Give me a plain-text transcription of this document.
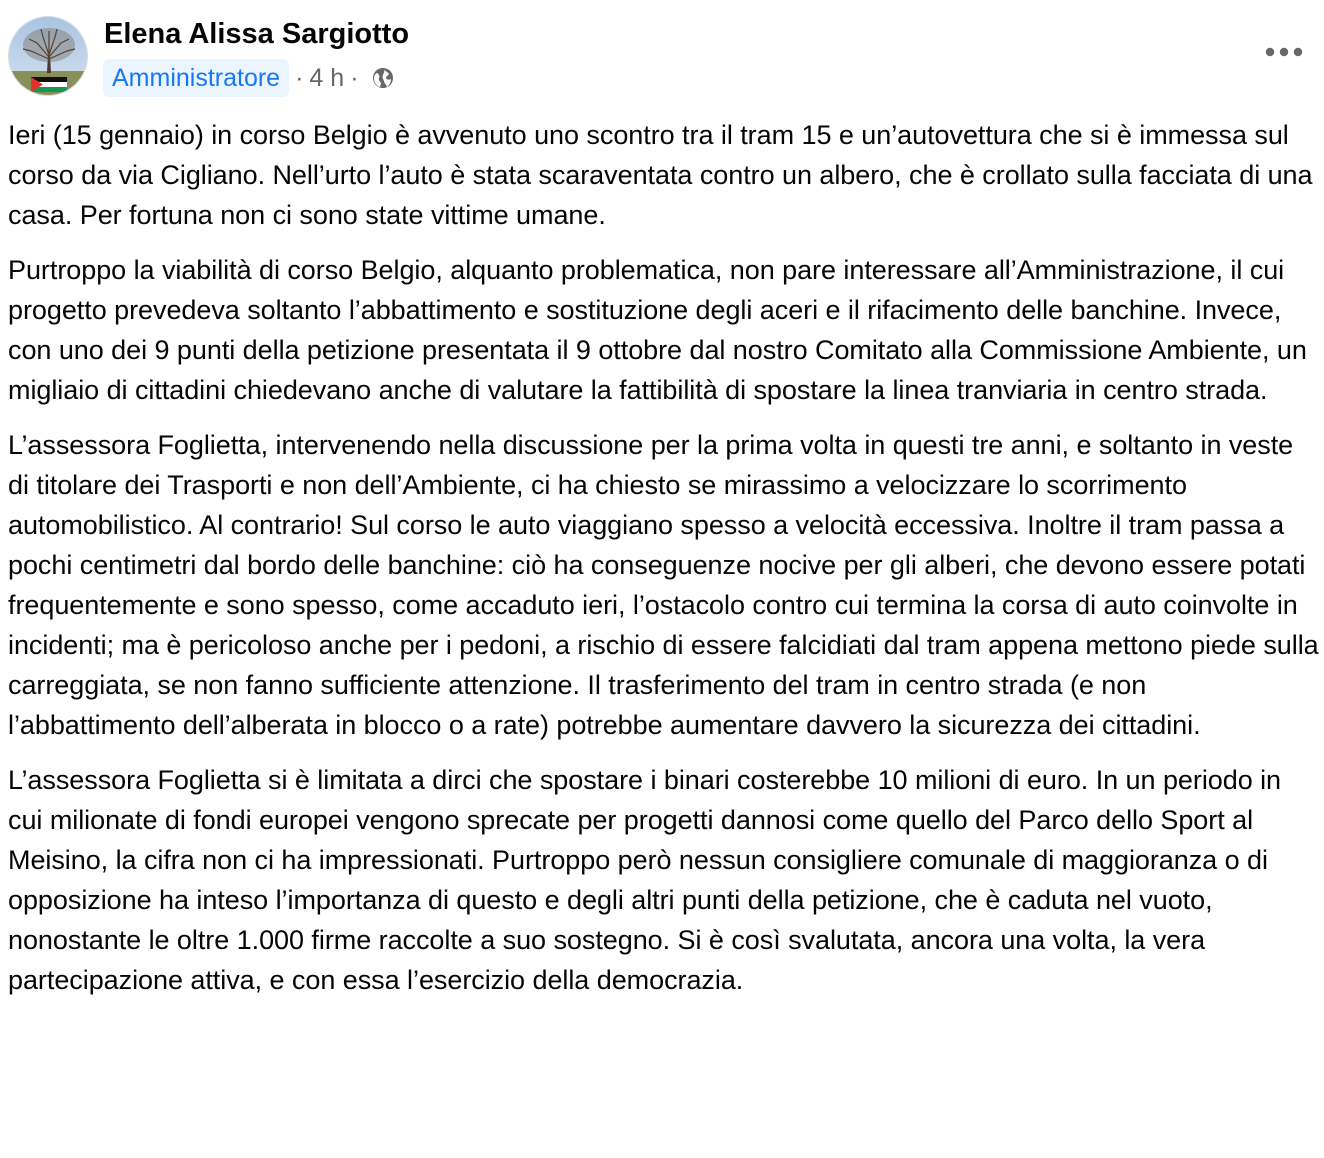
Elena Alissa Sargiotto
Amministratore · 4 h ·

Ieri (15 gennaio) in corso Belgio è avvenuto uno scontro tra il tram 15 e un’autovettura che si è immessa sul corso da via Cigliano. Nell’urto l’auto è stata scaraventata contro un albero, che è crollato sulla facciata di una casa. Per fortuna non ci sono state vittime umane.

Purtroppo la viabilità di corso Belgio, alquanto problematica, non pare interessare all’Amministrazione, il cui progetto prevedeva soltanto l’abbattimento e sostituzione degli aceri e il rifacimento delle banchine. Invece, con uno dei 9 punti della petizione presentata il 9 ottobre dal nostro Comitato alla Commissione Ambiente, un migliaio di cittadini chiedevano anche di valutare la fattibilità di spostare la linea tranviaria in centro strada.

L’assessora Foglietta, intervenendo nella discussione per la prima volta in questi tre anni, e soltanto in veste di titolare dei Trasporti e non dell’Ambiente, ci ha chiesto se mirassimo a velocizzare lo scorrimento automobilistico. Al contrario! Sul corso le auto viaggiano spesso a velocità eccessiva. Inoltre il tram passa a pochi centimetri dal bordo delle banchine: ciò ha conseguenze nocive per gli alberi, che devono essere potati frequentemente e sono spesso, come accaduto ieri, l’ostacolo contro cui termina la corsa di auto coinvolte in incidenti; ma è pericoloso anche per i pedoni, a rischio di essere falcidiati dal tram appena mettono piede sulla carreggiata, se non fanno sufficiente attenzione. Il trasferimento del tram in centro strada (e non l’abbattimento dell’alberata in blocco o a rate) potrebbe aumentare davvero la sicurezza dei cittadini.

L’assessora Foglietta si è limitata a dirci che spostare i binari costerebbe 10 milioni di euro. In un periodo in cui milionate di fondi europei vengono sprecate per progetti dannosi come quello del Parco dello Sport al Meisino, la cifra non ci ha impressionati. Purtroppo però nessun consigliere comunale di maggioranza o di opposizione ha inteso l’importanza di questo e degli altri punti della petizione, che è caduta nel vuoto, nonostante le oltre 1.000 firme raccolte a suo sostegno. Si è così svalutata, ancora una volta, la vera partecipazione attiva, e con essa l’esercizio della democrazia.
